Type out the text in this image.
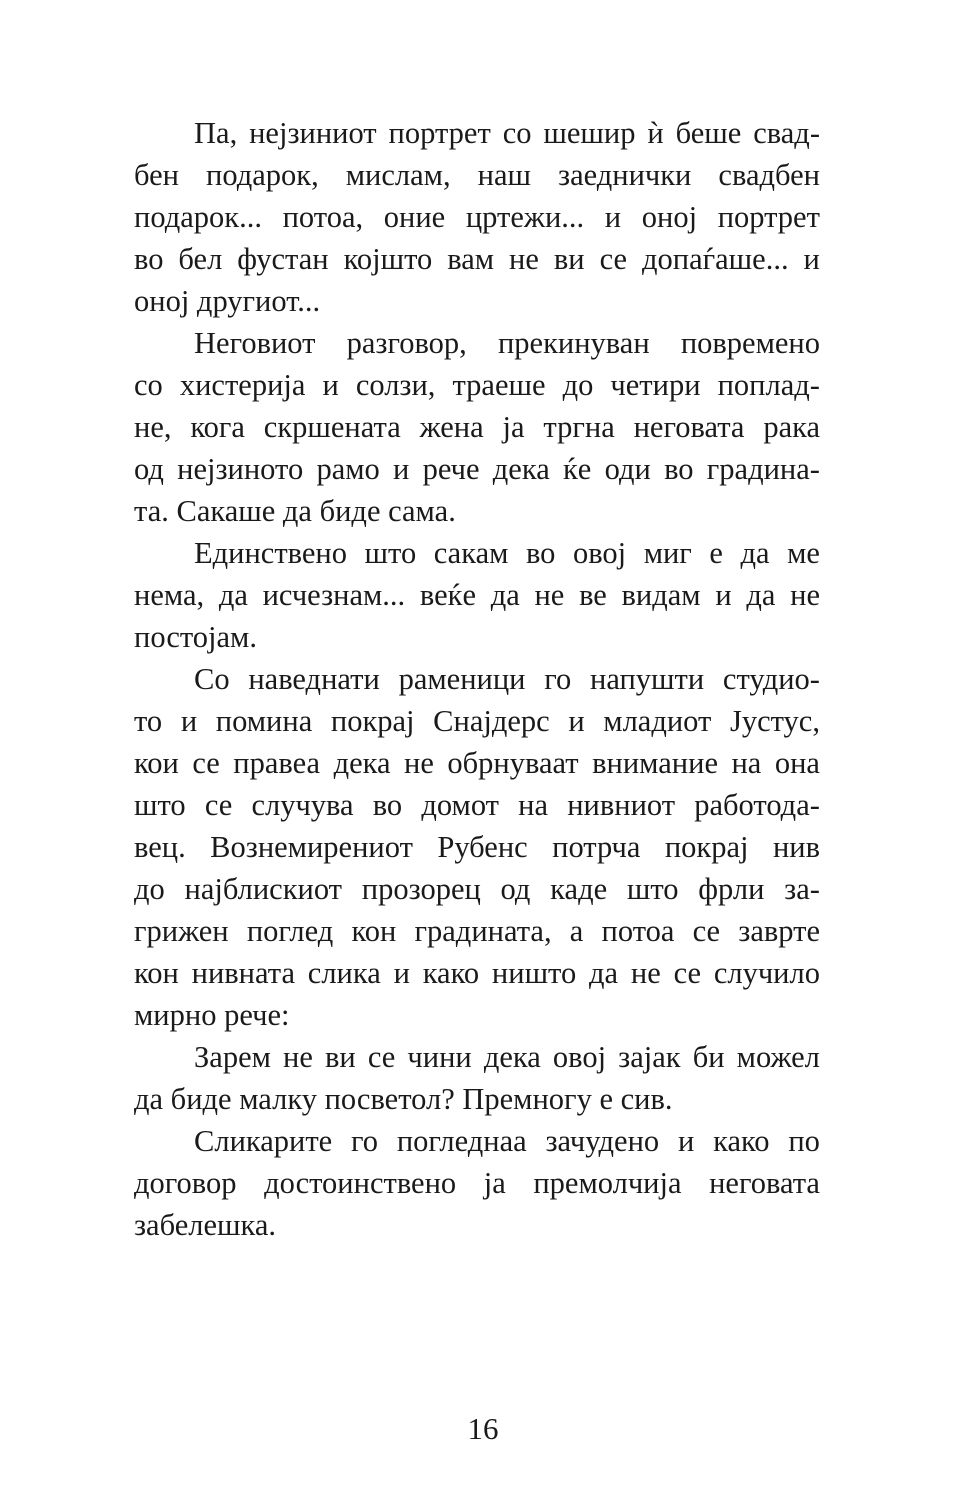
Па, нејзиниот портрет со шешир ѝ беше свад-
бен подарок, мислам, наш заеднички свадбен
подарок... потоа, оние цртежи... и оној портрет
во бел фустан којшто вам не ви се допаѓаше... и
оној другиот...

Неговиот разговор, прекинуван повремено
со хистерија и солзи, траеше до четири поплад-
не, кога скршената жена ја тргна неговата рака
од нејзиното рамо и рече дека ќе оди во градина-
та. Сакаше да биде сама.

Единствено што сакам во овој миг е да ме
нема, да исчезнам... веќе да не ве видам и да не
постојам.

Со наведнати раменици го напушти студио-
то и помина покрај Снајдерс и младиот Јустус,
кои се правеа дека не обрнуваат внимание на она
што се случува во домот на нивниот работода-
вец. Вознемирениот Рубенс потрча покрај нив
до најблискиот прозорец од каде што фрли за-
грижен поглед кон градината, а потоа се заврте
кон нивната слика и како ништо да не се случило
мирно рече:

Зарем не ви се чини дека овој зајак би можел
да биде малку посветол? Премногу е сив.

Сликарите го погледнаа зачудено и како по
договор достоинствено ја премолчија неговата
забелешка.

16
